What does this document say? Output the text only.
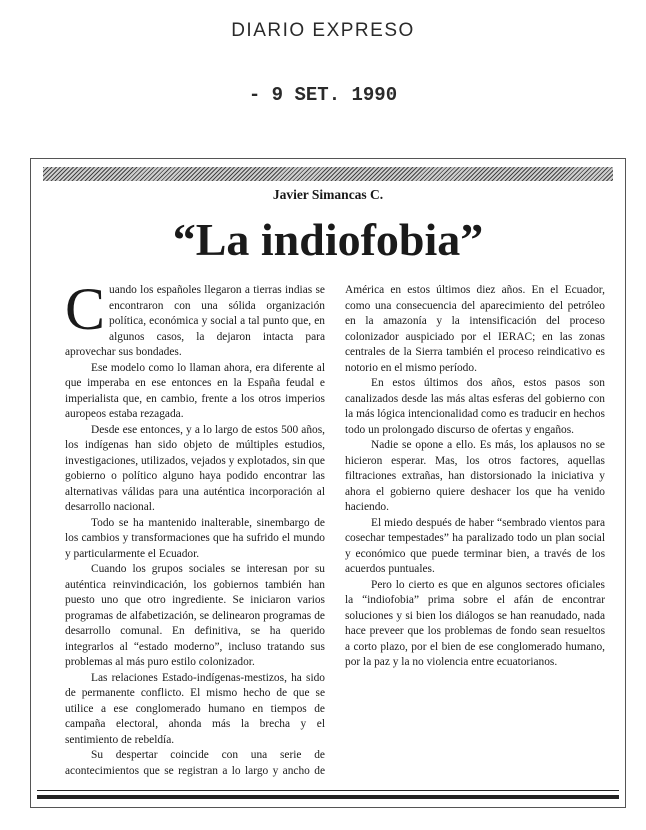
DIARIO EXPRESO
- 9 SET. 1990
Javier Simancas C.
“La indiofobia”

Cuando los españoles llegaron a tierras indias se encontraron con una sólida organización política, económica y social a tal punto que, en algunos casos, la dejaron intacta para aprovechar sus bondades.

Ese modelo como lo llaman ahora, era diferente al que imperaba en ese entonces en la España feudal e imperialista que, en cambio, frente a los otros imperios auropeos estaba rezagada.

Desde ese entonces, y a lo largo de estos 500 años, los indígenas han sido objeto de múltiples estudios, investigaciones, utilizados, vejados y explotados, sin que gobierno o político alguno haya podido encontrar las alternativas válidas para una auténtica incorporación al desarrollo nacional.

Todo se ha mantenido inalterable, sinembargo de los cambios y transformaciones que ha sufrido el mundo y particularmente el Ecuador.

Cuando los grupos sociales se interesan por su auténtica reinvindicación, los gobiernos también han puesto uno que otro ingrediente. Se iniciaron varios programas de alfabetización, se delinearon programas de desarrollo comunal. En definitiva, se ha querido integrarlos al “estado moderno”, incluso tratando sus problemas al más puro estilo colonizador.

Las relaciones Estado-indígenas-mestizos, ha sido de permanente conflicto. El mismo hecho de que se utilice a ese conglomerado humano en tiempos de campaña electoral, ahonda más la brecha y el sentimiento de rebeldía.

Su despertar coincide con una serie de acontecimientos que se registran a lo largo y ancho de América en estos últimos diez años. En el Ecuador, como una consecuencia del aparecimiento del petróleo en la amazonía y la intensificación del proceso colonizador auspiciado por el IERAC; en las zonas centrales de la Sierra también el proceso reindicativo es notorio en el mismo período.

En estos últimos dos años, estos pasos son canalizados desde las más altas esferas del gobierno con la más lógica intencionalidad como es traducir en hechos todo un prolongado discurso de ofertas y engaños.

Nadie se opone a ello. Es más, los aplausos no se hicieron esperar. Mas, los otros factores, aquellas filtraciones extrañas, han distorsionado la iniciativa y ahora el gobierno quiere deshacer los que ha venido haciendo.

El miedo después de haber “sembrado vientos para cosechar tempestades” ha paralizado todo un plan social y económico que puede terminar bien, a través de los acuerdos puntuales.

Pero lo cierto es que en algunos sectores oficiales la “indiofobia” prima sobre el afán de encontrar soluciones y si bien los diálogos se han reanudado, nada hace preveer que los problemas de fondo sean resueltos a corto plazo, por el bien de ese conglomerado humano, por la paz y la no violencia entre ecuatorianos.
